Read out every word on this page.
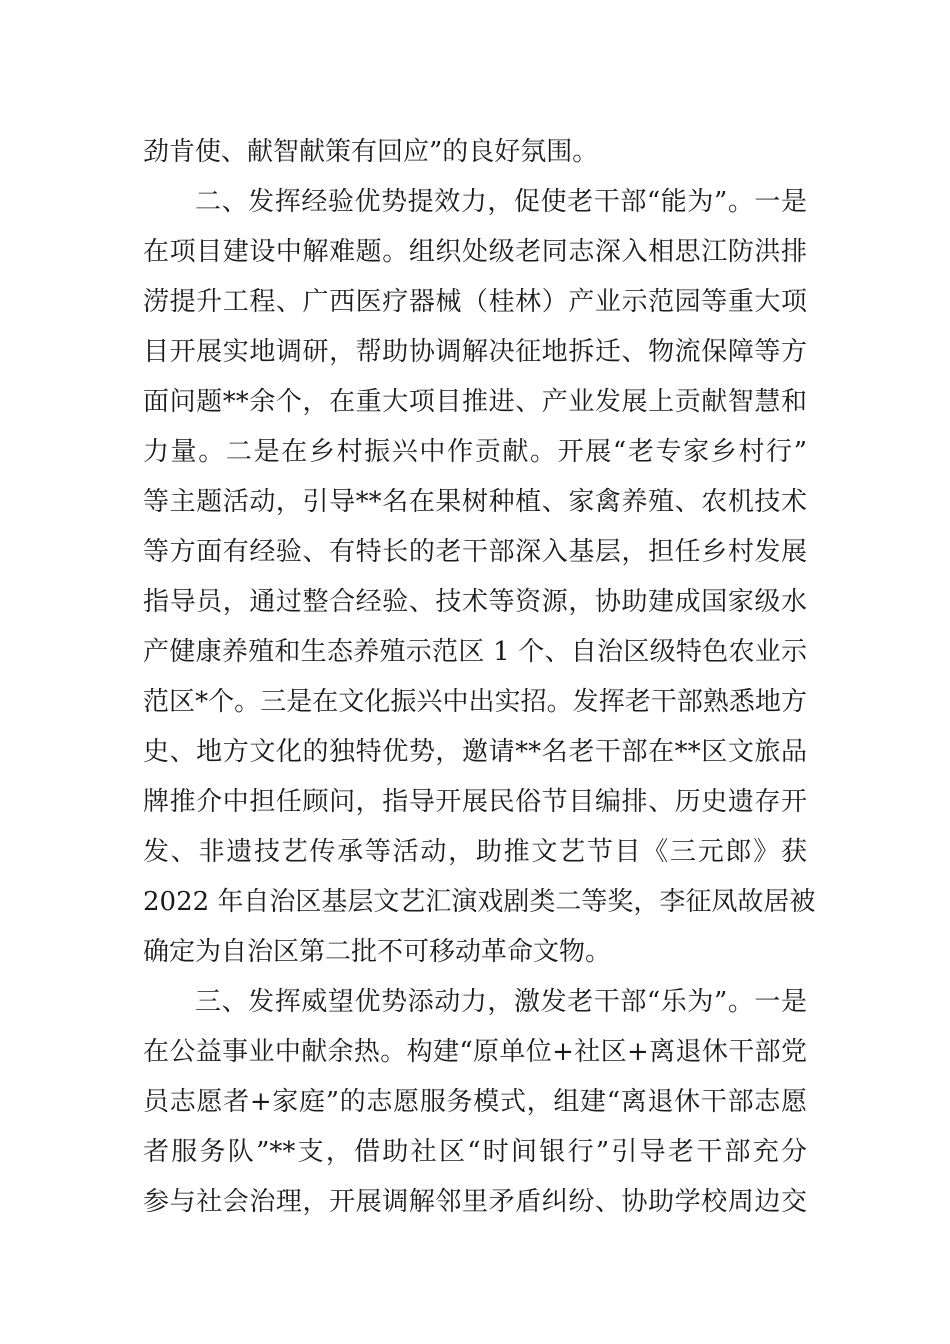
劲肯使、献智献策有回应”的良好氛围。
二、发挥经验优势提效力，促使老干部“能为”。一是
在项目建设中解难题。组织处级老同志深入相思江防洪排
涝提升工程、广西医疗器械（桂林）产业示范园等重大项
目开展实地调研，帮助协调解决征地拆迁、物流保障等方
面问题**余个，在重大项目推进、产业发展上贡献智慧和
力量。二是在乡村振兴中作贡献。开展“老专家乡村行”
等主题活动，引导**名在果树种植、家禽养殖、农机技术
等方面有经验、有特长的老干部深入基层，担任乡村发展
指导员，通过整合经验、技术等资源，协助建成国家级水
产健康养殖和生态养殖示范区 1 个、自治区级特色农业示
范区*个。三是在文化振兴中出实招。发挥老干部熟悉地方
史、地方文化的独特优势，邀请**名老干部在**区文旅品
牌推介中担任顾问，指导开展民俗节目编排、历史遗存开
发、非遗技艺传承等活动，助推文艺节目《三元郎》获
2022 年自治区基层文艺汇演戏剧类二等奖，李征凤故居被
确定为自治区第二批不可移动革命文物。
三、发挥威望优势添动力，激发老干部“乐为”。一是
在公益事业中献余热。构建“原单位+社区+离退休干部党
员志愿者+家庭”的志愿服务模式，组建“离退休干部志愿
者服务队”**支，借助社区“时间银行”引导老干部充分
参与社会治理，开展调解邻里矛盾纠纷、协助学校周边交
